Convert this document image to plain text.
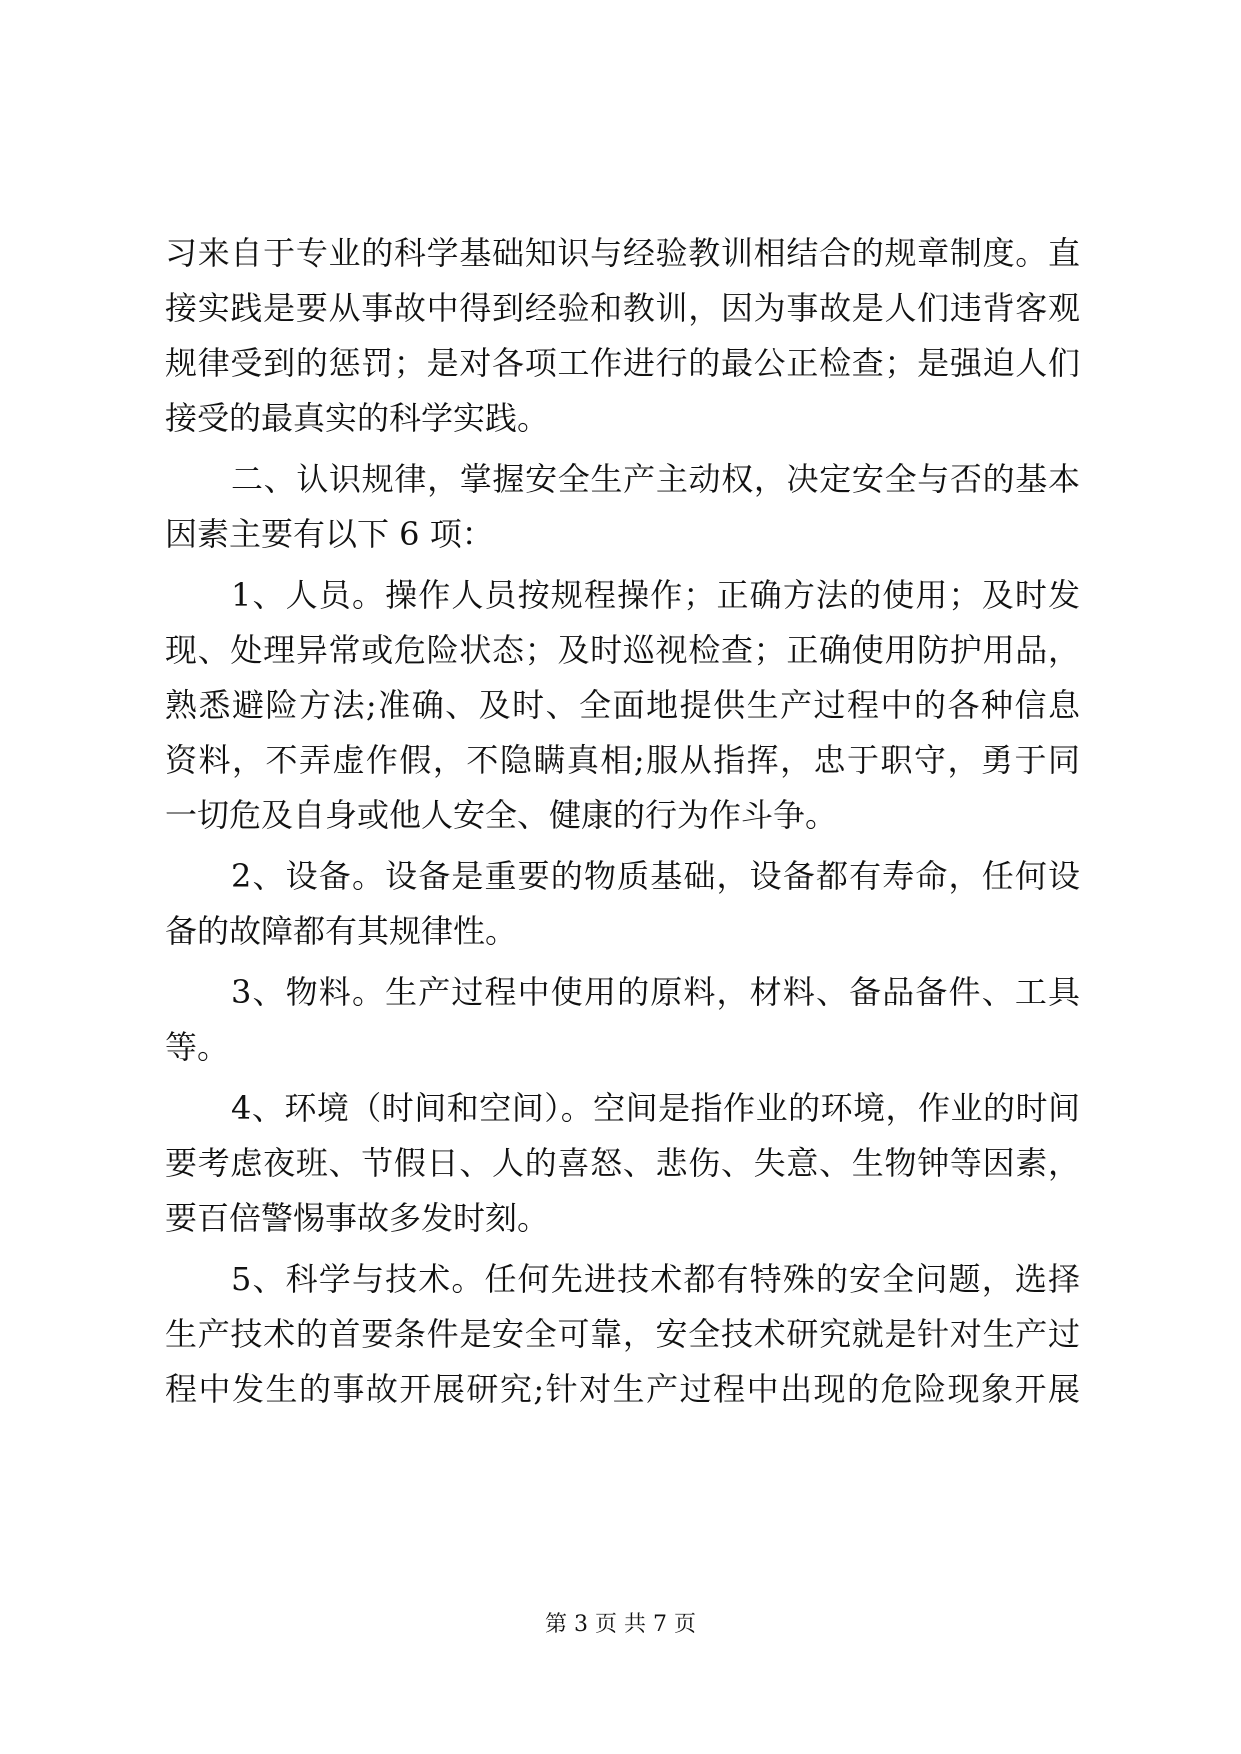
习来自于专业的科学基础知识与经验教训相结合的规章制度。直
接实践是要从事故中得到经验和教训，因为事故是人们违背客观
规律受到的惩罚；是对各项工作进行的最公正检查；是强迫人们
接受的最真实的科学实践。
二、认识规律，掌握安全生产主动权，决定安全与否的基本
因素主要有以下 6 项：
1、人员。操作人员按规程操作；正确方法的使用；及时发
现、处理异常或危险状态；及时巡视检查；正确使用防护用品，
熟悉避险方法;准确、及时、全面地提供生产过程中的各种信息
资料，不弄虚作假，不隐瞒真相;服从指挥，忠于职守，勇于同
一切危及自身或他人安全、健康的行为作斗争。
2、设备。设备是重要的物质基础，设备都有寿命，任何设
备的故障都有其规律性。
3、物料。生产过程中使用的原料，材料、备品备件、工具
等。
4、环境（时间和空间）。空间是指作业的环境，作业的时间
要考虑夜班、节假日、人的喜怒、悲伤、失意、生物钟等因素，
要百倍警惕事故多发时刻。
5、科学与技术。任何先进技术都有特殊的安全问题，选择
生产技术的首要条件是安全可靠，安全技术研究就是针对生产过
程中发生的事故开展研究;针对生产过程中出现的危险现象开展
第 3 页 共 7 页
